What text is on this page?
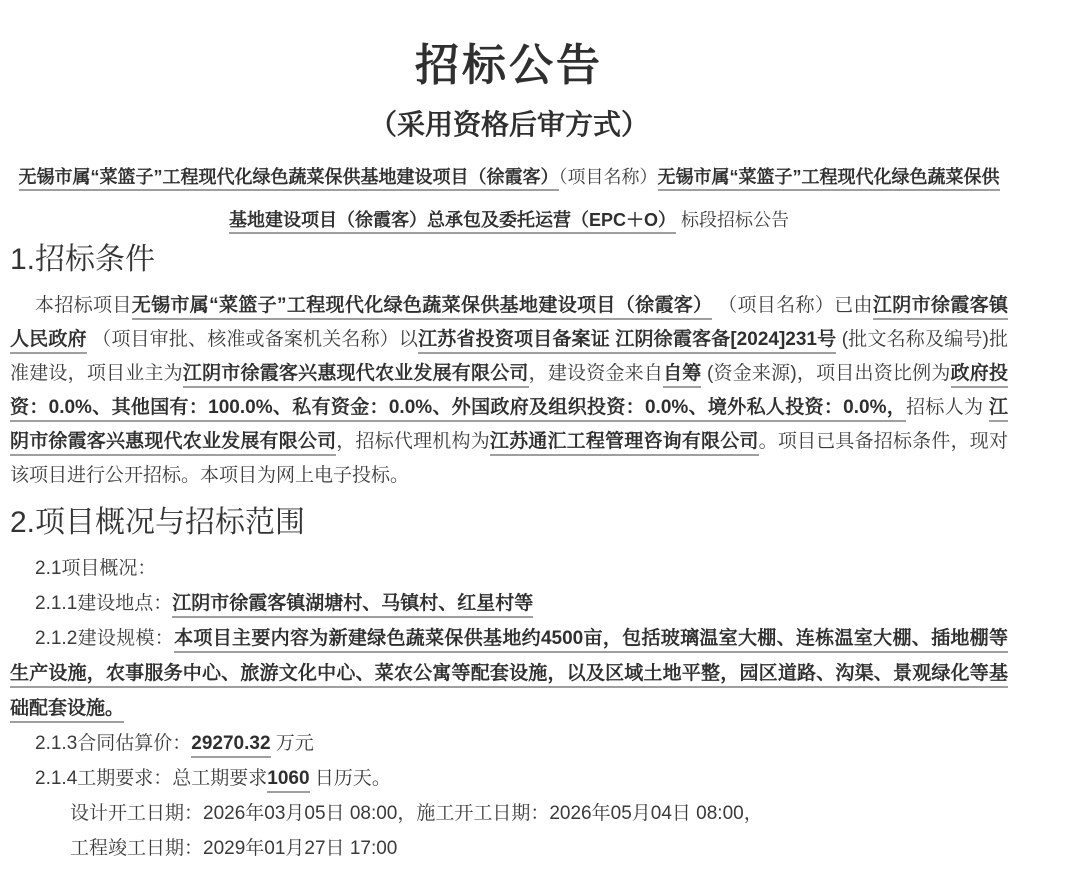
招标公告
（采用资格后审方式）

无锡市属“菜篮子”工程现代化绿色蔬菜保供基地建设项目（徐霞客）（项目名称）无锡市属“菜篮子”工程现代化绿色蔬菜保供基地建设项目（徐霞客）总承包及委托运营（EPC＋O） 标段招标公告

1.招标条件

本招标项目无锡市属“菜篮子”工程现代化绿色蔬菜保供基地建设项目（徐霞客） （项目名称）已由江阴市徐霞客镇人民政府 （项目审批、核准或备案机关名称）以江苏省投资项目备案证 江阴徐霞客备[2024]231号 (批文名称及编号)批准建设，项目业主为江阴市徐霞客兴惠现代农业发展有限公司，建设资金来自自筹 (资金来源)，项目出资比例为政府投资：0.0%、其他国有：100.0%、私有资金：0.0%、外国政府及组织投资：0.0%、境外私人投资：0.0%，招标人为 江阴市徐霞客兴惠现代农业发展有限公司，招标代理机构为江苏通汇工程管理咨询有限公司。项目已具备招标条件，现对该项目进行公开招标。本项目为网上电子投标。

2.项目概况与招标范围

2.1项目概况：

2.1.1建设地点：江阴市徐霞客镇湖塘村、马镇村、红星村等

2.1.2建设规模：本项目主要内容为新建绿色蔬菜保供基地约4500亩，包括玻璃温室大棚、连栋温室大棚、插地棚等生产设施，农事服务中心、旅游文化中心、菜农公寓等配套设施，以及区域土地平整，园区道路、沟渠、景观绿化等基础配套设施。

2.1.3合同估算价：29270.32 万元

2.1.4工期要求：总工期要求1060 日历天。

设计开工日期：2026年03月05日 08:00，施工开工日期：2026年05月04日 08:00，

工程竣工日期：2029年01月27日 17:00
